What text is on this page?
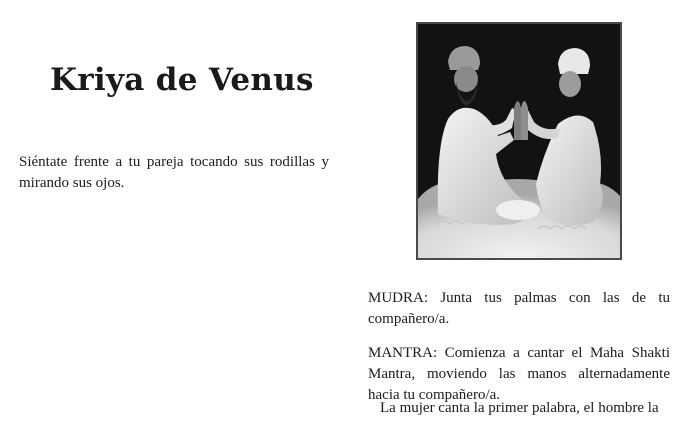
Kriya de Venus

Siéntate frente a tu pareja tocando sus rodillas y mirando sus ojos.

MUDRA: Junta tus palmas con las de tu compañero/a.

MANTRA: Comienza a cantar el Maha Shakti Mantra, moviendo las manos alternadamente hacia tu compañero/a.

La mujer canta la primer palabra, el hombre la
